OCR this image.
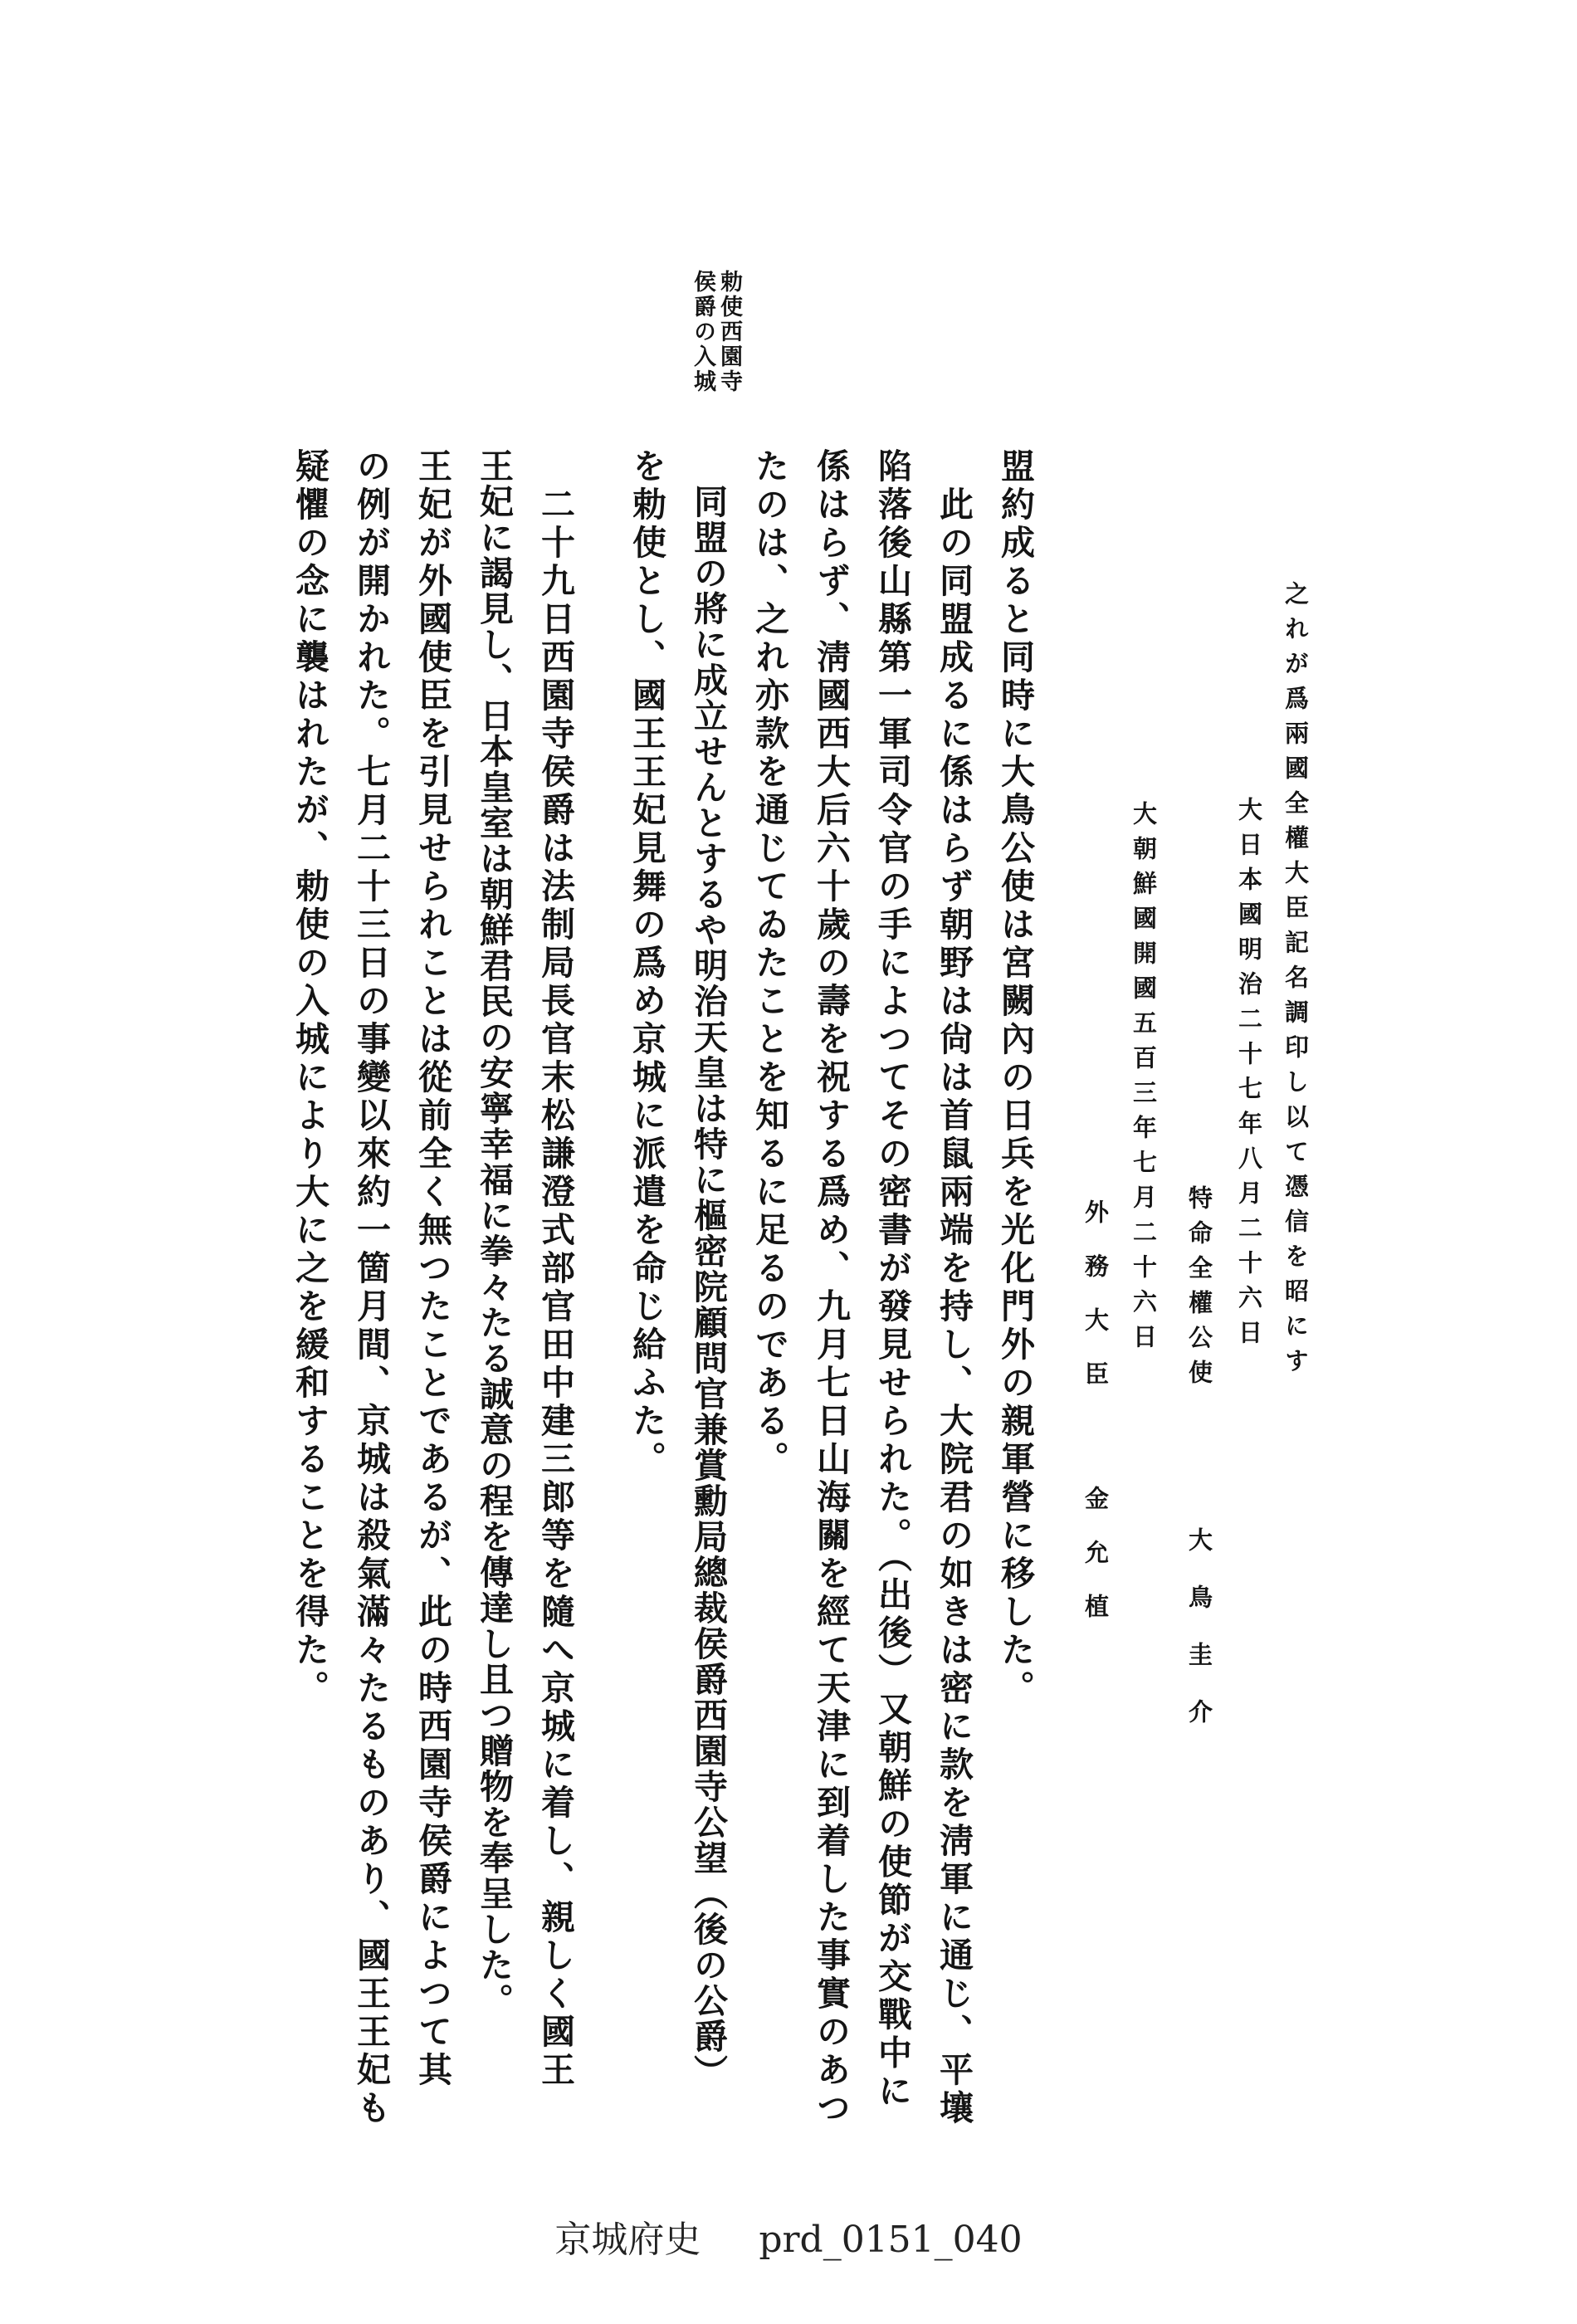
之れが爲兩國全權大臣記名調印し以て憑信を昭にす
大日本國明治二十七年八月二十六日
特命全權公使
大鳥圭介
大朝鮮國開國五百三年七月二十六日
外務大臣
金允植
盟約成ると同時に大鳥公使は宮闕內の日兵を光化門外の親軍營に移した。
　此の同盟成るに係はらず朝野は尙は首鼠兩端を持し、大院君の如きは密に款を淸軍に通じ、平壤
陷落後山縣第一軍司令官の手によつてその密書が發見せられた。（出後）又朝鮮の使節が交戰中に
係はらず、淸國西大后六十歲の壽を祝する爲め、九月七日山海關を經て天津に到着した事實のあつ
たのは、之れ亦款を通じてゐたことを知るに足るのである。
　同盟の將に成立せんとするや明治天皇は特に樞密院顧問官兼賞勳局總裁侯爵西園寺公望（後の公爵）
を勅使とし、國王王妃見舞の爲め京城に派遣を命じ給ふた。
　二十九日西園寺侯爵は法制局長官末松謙澄式部官田中建三郎等を隨へ京城に着し、親しく國王
王妃に謁見し、日本皇室は朝鮮君民の安寧幸福に拳々たる誠意の程を傳達し且つ贈物を奉呈した。
王妃が外國使臣を引見せられことは從前全く無つたことであるが、此の時西園寺侯爵によつて其
の例が開かれた。七月二十三日の事變以來約一箇月間、京城は殺氣滿々たるものあり、國王王妃も
疑懼の念に襲はれたが、勅使の入城により大に之を緩和することを得た。
勅使西園寺
侯爵の入城
京城府史 prd_0151_040
